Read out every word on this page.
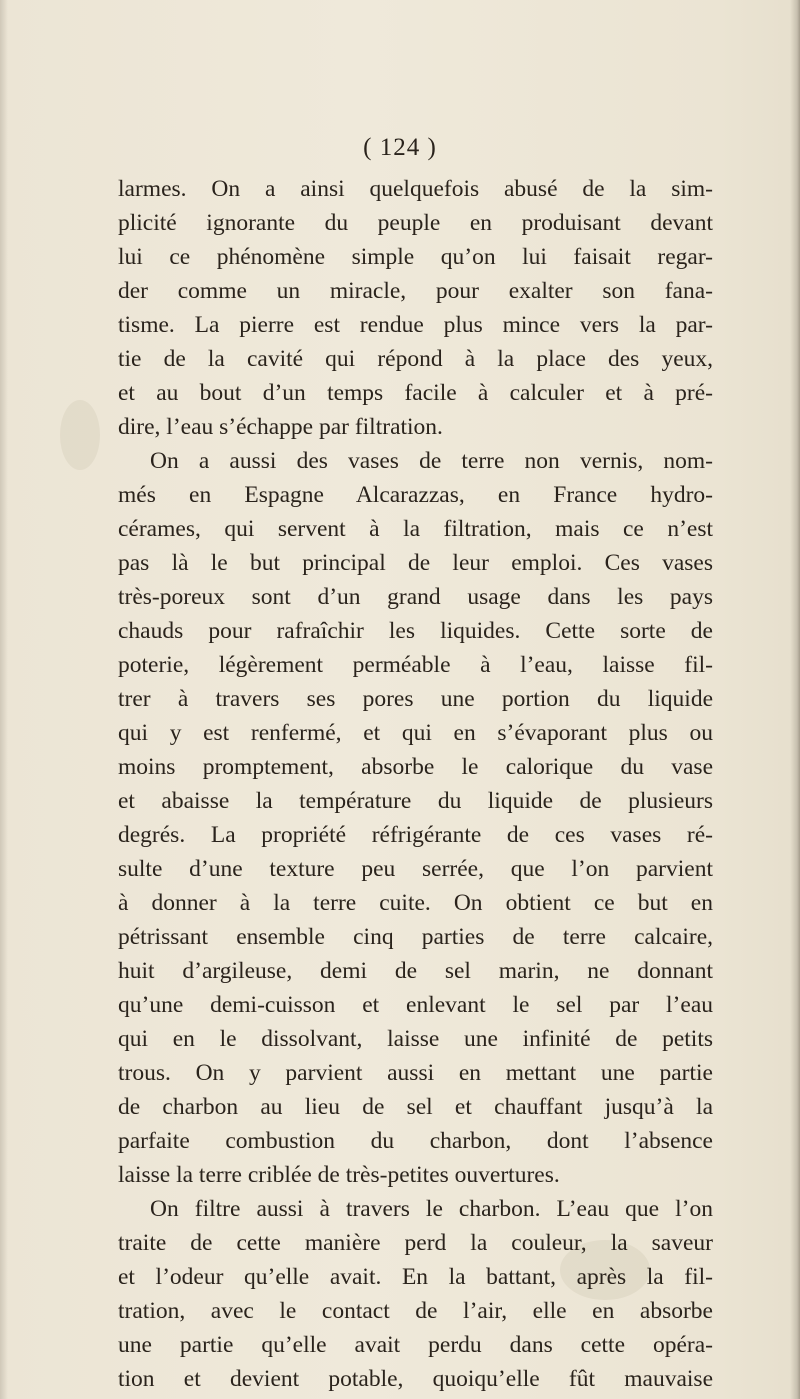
( 124 )
larmes. On a ainsi quelquefois abusé de la sim-
plicité ignorante du peuple en produisant devant
lui ce phénomène simple qu’on lui faisait regar-
der comme un miracle, pour exalter son fana-
tisme. La pierre est rendue plus mince vers la par-
tie de la cavité qui répond à la place des yeux,
et au bout d’un temps facile à calculer et à pré-
dire, l’eau s’échappe par filtration.
On a aussi des vases de terre non vernis, nom-
més en Espagne Alcarazzas, en France hydro-
cérames, qui servent à la filtration, mais ce n’est
pas là le but principal de leur emploi. Ces vases
très-poreux sont d’un grand usage dans les pays
chauds pour rafraîchir les liquides. Cette sorte de
poterie, légèrement perméable à l’eau, laisse fil-
trer à travers ses pores une portion du liquide
qui y est renfermé, et qui en s’évaporant plus ou
moins promptement, absorbe le calorique du vase
et abaisse la température du liquide de plusieurs
degrés. La propriété réfrigérante de ces vases ré-
sulte d’une texture peu serrée, que l’on parvient
à donner à la terre cuite. On obtient ce but en
pétrissant ensemble cinq parties de terre calcaire,
huit d’argileuse, demi de sel marin, ne donnant
qu’une demi-cuisson et enlevant le sel par l’eau
qui en le dissolvant, laisse une infinité de petits
trous. On y parvient aussi en mettant une partie
de charbon au lieu de sel et chauffant jusqu’à la
parfaite combustion du charbon, dont l’absence
laisse la terre criblée de très-petites ouvertures.
On filtre aussi à travers le charbon. L’eau que l’on
traite de cette manière perd la couleur, la saveur
et l’odeur qu’elle avait. En la battant, après la fil-
tration, avec le contact de l’air, elle en absorbe
une partie qu’elle avait perdu dans cette opéra-
tion et devient potable, quoiqu’elle fût mauvaise
